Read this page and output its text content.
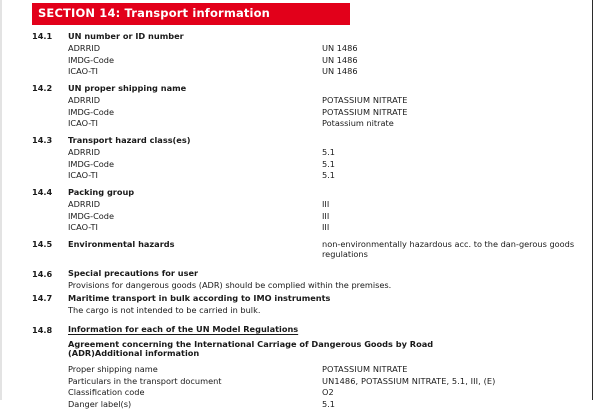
SECTION 14: Transport information
14.1	UN number or ID number
ADRRID	UN 1486
IMDG-Code	UN 1486
ICAO-TI	UN 1486
14.2	UN proper shipping name
ADRRID	POTASSIUM NITRATE
IMDG-Code	POTASSIUM NITRATE
ICAO-TI	Potassium nitrate
14.3	Transport hazard class(es)
ADRRID	5.1
IMDG-Code	5.1
ICAO-TI	5.1
14.4	Packing group
ADRRID	III
IMDG-Code	III
ICAO-TI	III
14.5	Environmental hazards	non-environmentally hazardous acc. to the dan-gerous goods regulations
14.6	Special precautions for user
Provisions for dangerous goods (ADR) should be complied within the premises.
14.7	Maritime transport in bulk according to IMO instruments
The cargo is not intended to be carried in bulk.
14.8	Information for each of the UN Model Regulations
Agreement concerning the International Carriage of Dangerous Goods by Road (ADR)Additional information
Proper shipping name	POTASSIUM NITRATE
Particulars in the transport document	UN1486, POTASSIUM NITRATE, 5.1, III, (E)
Classification code	O2
Danger label(s)	5.1
